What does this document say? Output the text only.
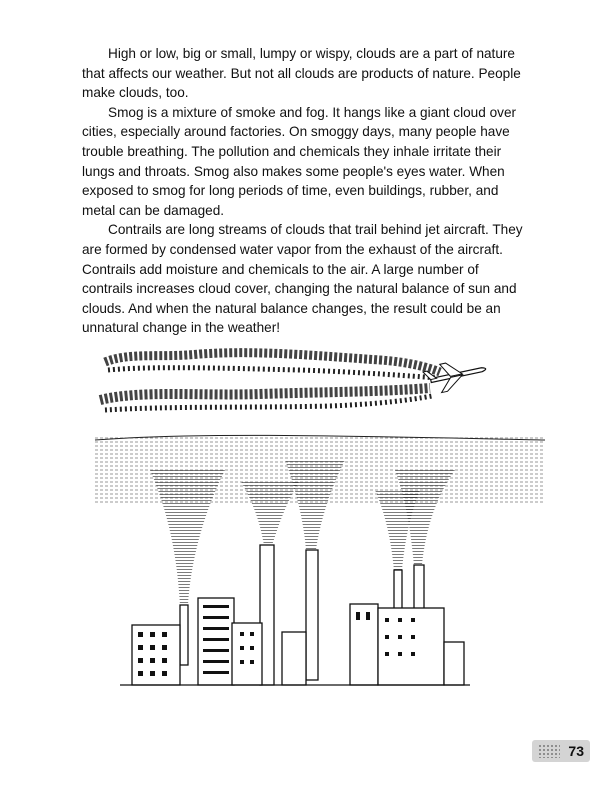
High or low, big or small, lumpy or wispy, clouds are a part of nature that affects our weather. But not all clouds are products of nature. People make clouds, too.

Smog is a mixture of smoke and fog. It hangs like a giant cloud over cities, especially around factories. On smoggy days, many people have trouble breathing. The pollution and chemicals they inhale irritate their lungs and throats. Smog also makes some people's eyes water. When exposed to smog for long periods of time, even buildings, rubber, and metal can be damaged.

Contrails are long streams of clouds that trail behind jet aircraft. They are formed by condensed water vapor from the exhaust of the aircraft. Contrails add moisture and chemicals to the air. A large number of contrails increases cloud cover, changing the natural balance of sun and clouds. And when the natural balance changes, the result could be an unnatural change in the weather!

73
